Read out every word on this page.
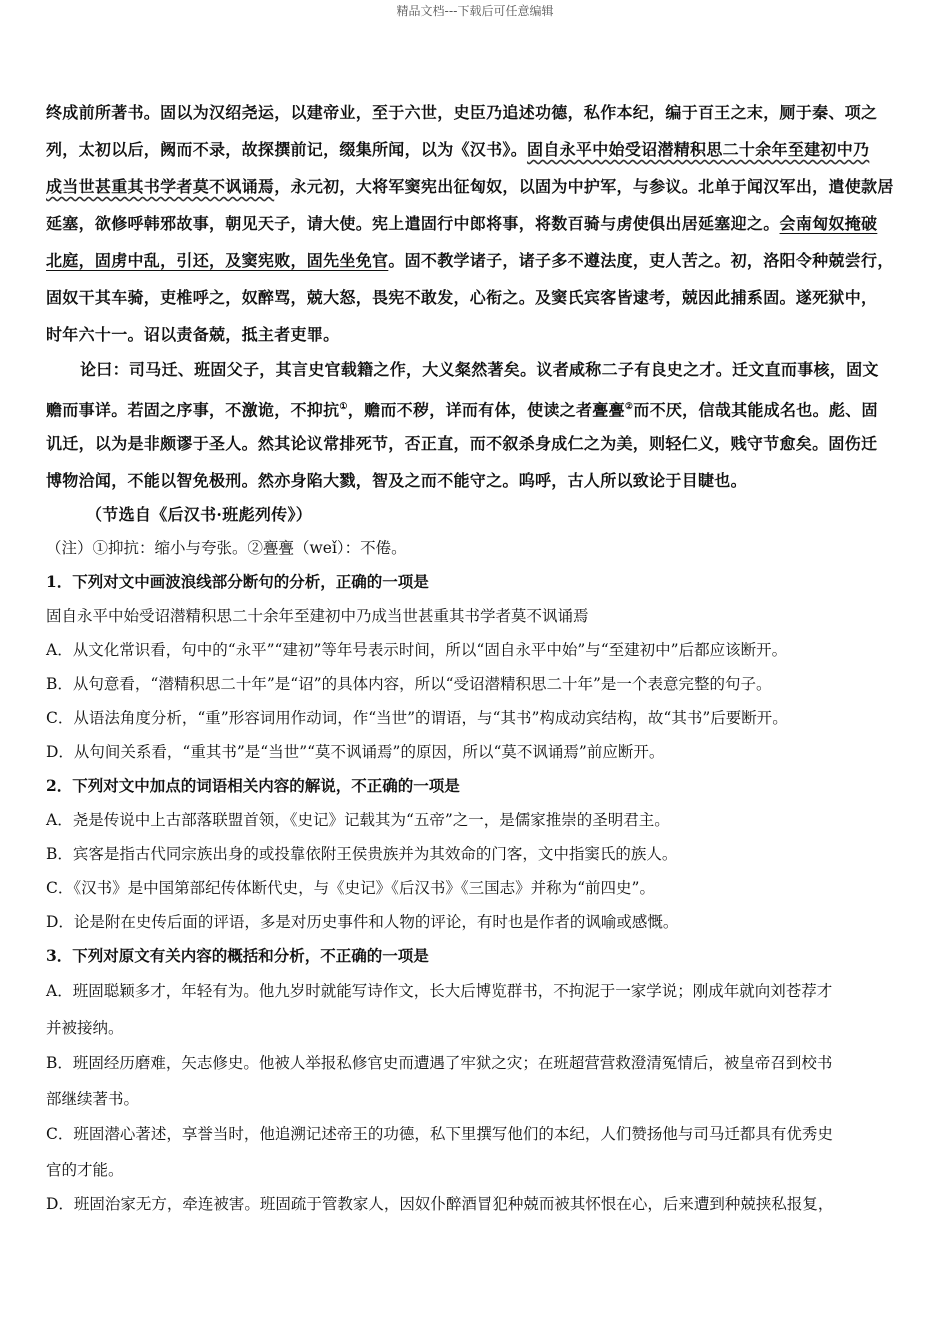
精品文档---下载后可任意编辑
终成前所著书。固以为汉绍尧运，以建帝业，至于六世，史臣乃追述功德，私作本纪，编于百王之末，厕于秦、项之
列，太初以后，阙而不录，故探撰前记，缀集所闻，以为《汉书》。固自永平中始受诏潜精积思二十余年至建初中乃
成当世甚重其书学者莫不讽诵焉，永元初，大将军窦宪出征匈奴，以固为中护军，与参议。北单于闻汉军出，遣使款居
延塞，欲修呼韩邪故事，朝见天子，请大使。宪上遣固行中郎将事，将数百骑与虏使俱出居延塞迎之。会南匈奴掩破
北庭，固虏中乱，引还，及窦宪败，固先坐免官。固不教学诸子，诸子多不遵法度，吏人苦之。初，洛阳令种兢尝行，
固奴干其车骑，吏椎呼之，奴醉骂，兢大怒，畏宪不敢发，心衔之。及窦氏宾客皆逮考，兢因此捕系固。遂死狱中，
时年六十一。诏以责备兢，抵主者吏罪。
论曰：司马迁、班固父子，其言史官载籍之作，大义粲然著矣。议者咸称二子有良史之才。迁文直而事核，固文
赡而事详。若固之序事，不激诡，不抑抗①，赡而不秽，详而有体，使读之者亹亹②而不厌，信哉其能成名也。彪、固
讥迁，以为是非颇谬于圣人。然其论议常排死节，否正直，而不叙杀身成仁之为美，则轻仁义，贱守节愈矣。固伤迁
博物洽闻，不能以智免极刑。然亦身陷大戮，智及之而不能守之。呜呼，古人所以致论于目睫也。
（节选自《后汉书·班彪列传》）
（注）①抑抗：缩小与夸张。②亹亹（weǐ）：不倦。
1．下列对文中画波浪线部分断句的分析，正确的一项是
固自永平中始受诏潜精积思二十余年至建初中乃成当世甚重其书学者莫不讽诵焉
A．从文化常识看，句中的“永平”“建初”等年号表示时间，所以“固自永平中始”与“至建初中”后都应该断开。
B．从句意看，“潜精积思二十年”是“诏”的具体内容，所以“受诏潜精积思二十年”是一个表意完整的句子。
C．从语法角度分析，“重”形容词用作动词，作“当世”的谓语，与“其书”构成动宾结构，故“其书”后要断开。
D．从句间关系看，“重其书”是“当世”“莫不讽诵焉”的原因，所以“莫不讽诵焉”前应断开。
2．下列对文中加点的词语相关内容的解说，不正确的一项是
A．尧是传说中上古部落联盟首领，《史记》记载其为“五帝”之一，是儒家推崇的圣明君主。
B．宾客是指古代同宗族出身的或投靠依附王侯贵族并为其效命的门客，文中指窦氏的族人。
C．《汉书》是中国第部纪传体断代史，与《史记》《后汉书》《三国志》并称为“前四史”。
D．论是附在史传后面的评语，多是对历史事件和人物的评论，有时也是作者的讽喻或感慨。
3．下列对原文有关内容的概括和分析，不正确的一项是
A．班固聪颖多才，年轻有为。他九岁时就能写诗作文，长大后博览群书，不拘泥于一家学说；刚成年就向刘苍荐才
并被接纳。
B．班固经历磨难，矢志修史。他被人举报私修官史而遭遇了牢狱之灾；在班超营营救澄清冤情后，被皇帝召到校书
部继续著书。
C．班固潜心著述，享誉当时，他追溯记述帝王的功德，私下里撰写他们的本纪，人们赞扬他与司马迁都具有优秀史
官的才能。
D．班固治家无方，牵连被害。班固疏于管教家人，因奴仆醉酒冒犯种兢而被其怀恨在心，后来遭到种兢挟私报复，
